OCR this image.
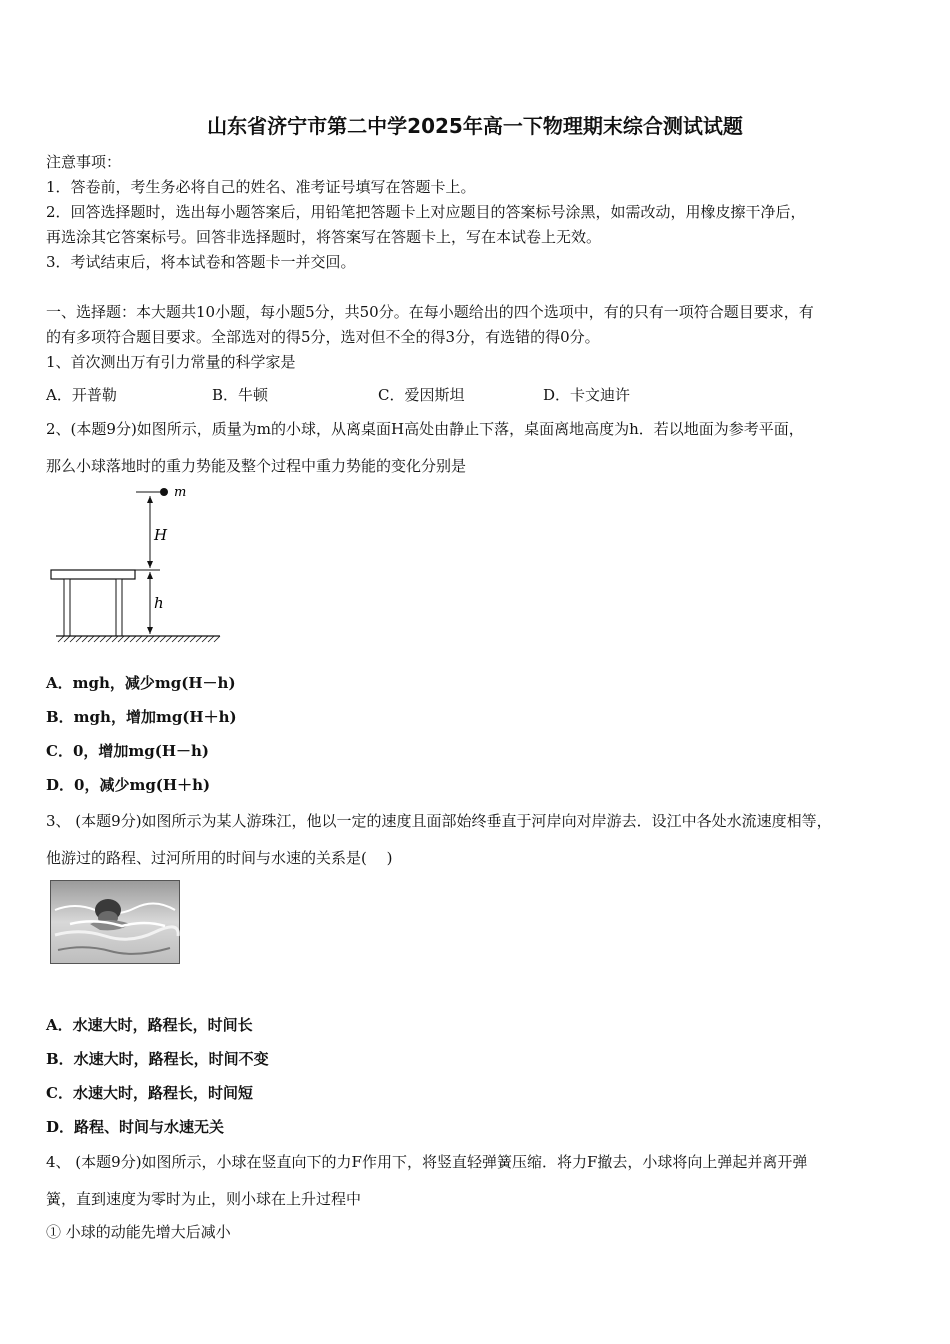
山东省济宁市第二中学2025年高一下物理期末综合测试试题
注意事项：
1．答卷前，考生务必将自己的姓名、准考证号填写在答题卡上。
2．回答选择题时，选出每小题答案后，用铅笔把答题卡上对应题目的答案标号涂黑，如需改动，用橡皮擦干净后，
再选涂其它答案标号。回答非选择题时，将答案写在答题卡上，写在本试卷上无效。
3．考试结束后，将本试卷和答题卡一并交回。
一、选择题：本大题共10小题，每小题5分，共50分。在每小题给出的四个选项中，有的只有一项符合题目要求，有
的有多项符合题目要求。全部选对的得5分，选对但不全的得3分，有选错的得0分。
1、首次测出万有引力常量的科学家是
A．开普勒	B．牛顿	C．爱因斯坦	D．卡文迪许
2、(本题9分)如图所示，质量为m的小球，从离桌面H高处由静止下落，桌面离地高度为h．若以地面为参考平面，
那么小球落地时的重力势能及整个过程中重力势能的变化分别是
m
H
h
A．mgh，减少mg(H－h)
B．mgh，增加mg(H＋h)
C．0，增加mg(H－h)
D．0，减少mg(H＋h)
3、 (本题9分)如图所示为某人游珠江，他以一定的速度且面部始终垂直于河岸向对岸游去．设江中各处水流速度相等，
他游过的路程、过河所用的时间与水速的关系是(　 )
A．水速大时，路程长，时间长
B．水速大时，路程长，时间不变
C．水速大时，路程长，时间短
D．路程、时间与水速无关
4、 (本题9分)如图所示，小球在竖直向下的力F作用下，将竖直轻弹簧压缩．将力F撤去，小球将向上弹起并离开弹
簧，直到速度为零时为止，则小球在上升过程中
① 小球的动能先增大后减小
